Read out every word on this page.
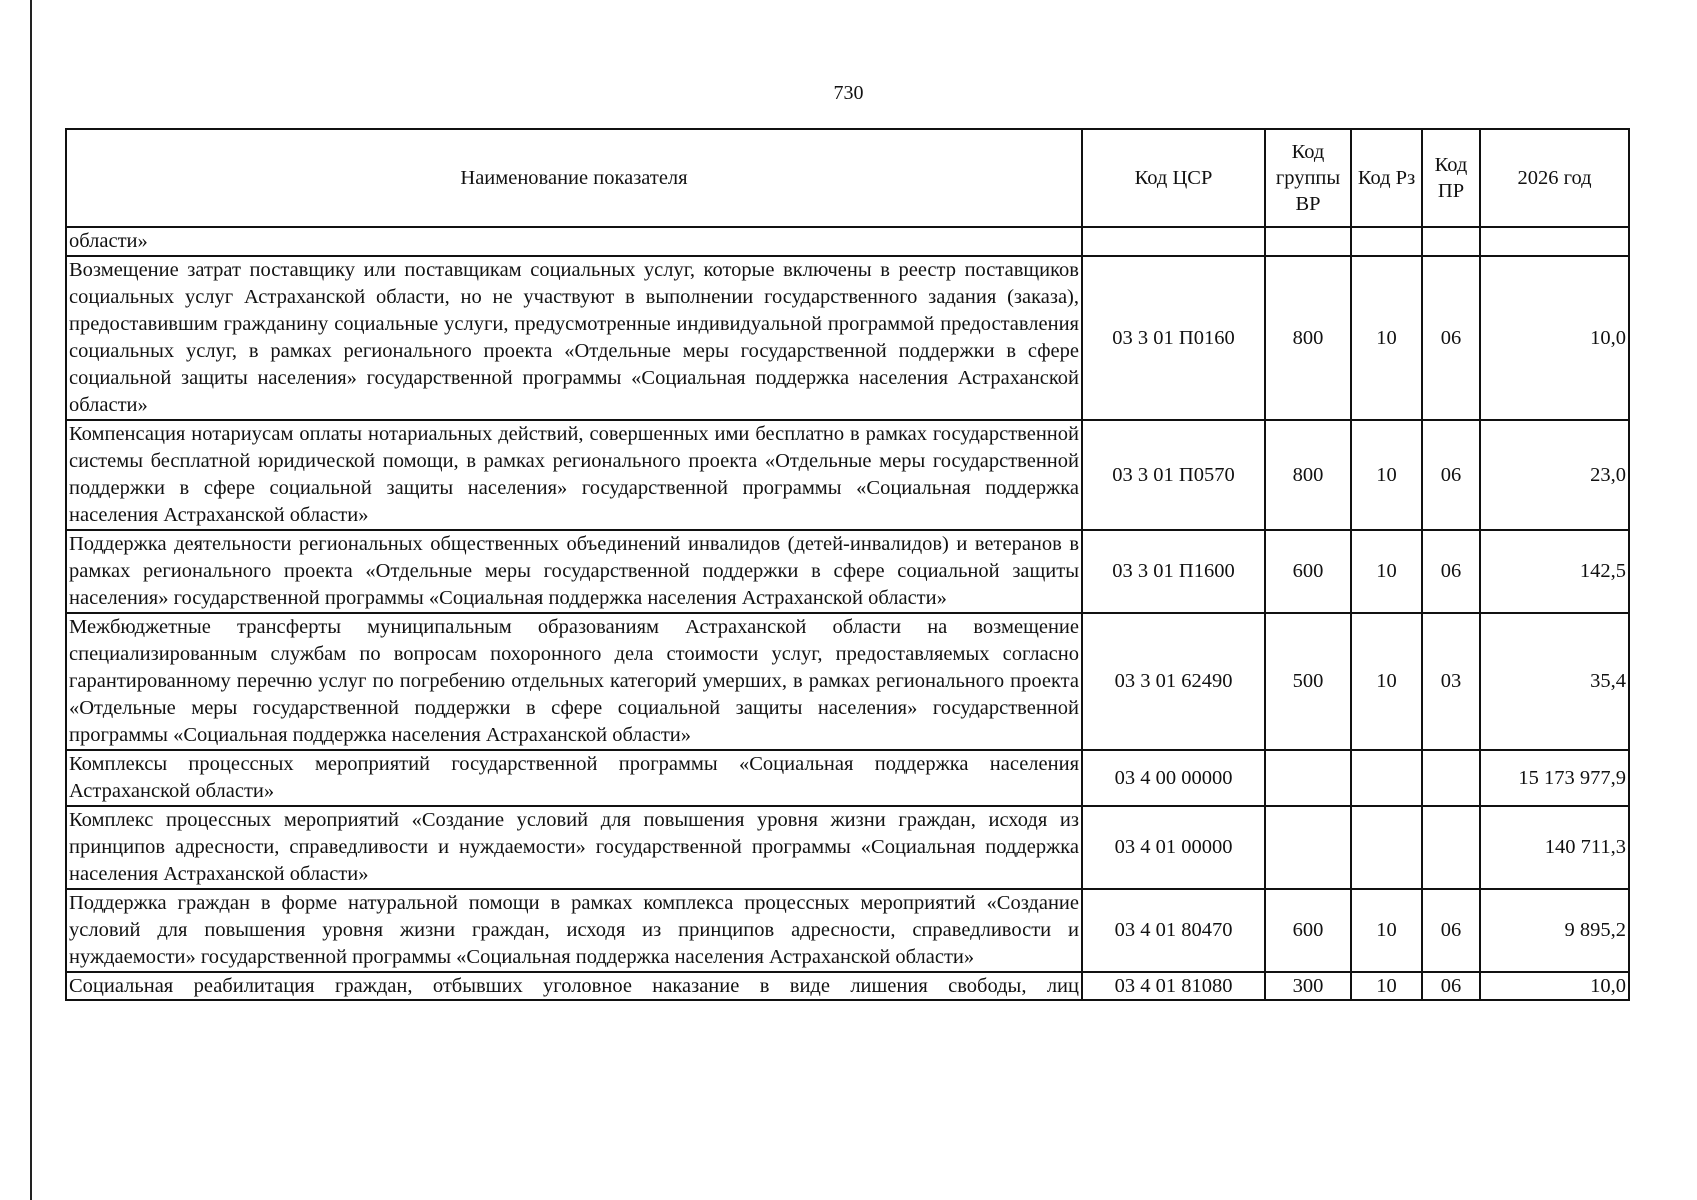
730
Наименование показателя	Код ЦСР	Код группы ВР	Код Рз	Код ПР	2026 год
области»					
Возмещение затрат поставщику или поставщикам социальных услуг, которые включены в реестр поставщиков социальных услуг Астраханской области, но не участвуют в выполнении государственного задания (заказа), предоставившим гражданину социальные услуги, предусмотренные индивидуальной программой предоставления социальных услуг, в рамках регионального проекта «Отдельные меры государственной поддержки в сфере социальной защиты населения» государственной программы «Социальная поддержка населения Астраханской области»	03 3 01 П0160	800	10	06	10,0
Компенсация нотариусам оплаты нотариальных действий, совершенных ими бесплатно в рамках государственной системы бесплатной юридической помощи, в рамках регионального проекта «Отдельные меры государственной поддержки в сфере социальной защиты населения» государственной программы «Социальная поддержка населения Астраханской области»	03 3 01 П0570	800	10	06	23,0
Поддержка деятельности региональных общественных объединений инвалидов (детей-инвалидов) и ветеранов в рамках регионального проекта «Отдельные меры государственной поддержки в сфере социальной защиты населения» государственной программы «Социальная поддержка населения Астраханской области»	03 3 01 П1600	600	10	06	142,5
Межбюджетные трансферты муниципальным образованиям Астраханской области на возмещение специализированным службам по вопросам похоронного дела стоимости услуг, предоставляемых согласно гарантированному перечню услуг по погребению отдельных категорий умерших, в рамках регионального проекта «Отдельные меры государственной поддержки в сфере социальной защиты населения» государственной программы «Социальная поддержка населения Астраханской области»	03 3 01 62490	500	10	03	35,4
Комплексы процессных мероприятий государственной программы «Социальная поддержка населения Астраханской области»	03 4 00 00000				15 173 977,9
Комплекс процессных мероприятий «Создание условий для повышения уровня жизни граждан, исходя из принципов адресности, справедливости и нуждаемости» государственной программы «Социальная поддержка населения Астраханской области»	03 4 01 00000				140 711,3
Поддержка граждан в форме натуральной помощи в рамках комплекса процессных мероприятий «Создание условий для повышения уровня жизни граждан, исходя из принципов адресности, справедливости и нуждаемости» государственной программы «Социальная поддержка населения Астраханской области»	03 4 01 80470	600	10	06	9 895,2
Социальная реабилитация граждан, отбывших уголовное наказание в виде лишения свободы, лиц	03 4 01 81080	300	10	06	10,0
